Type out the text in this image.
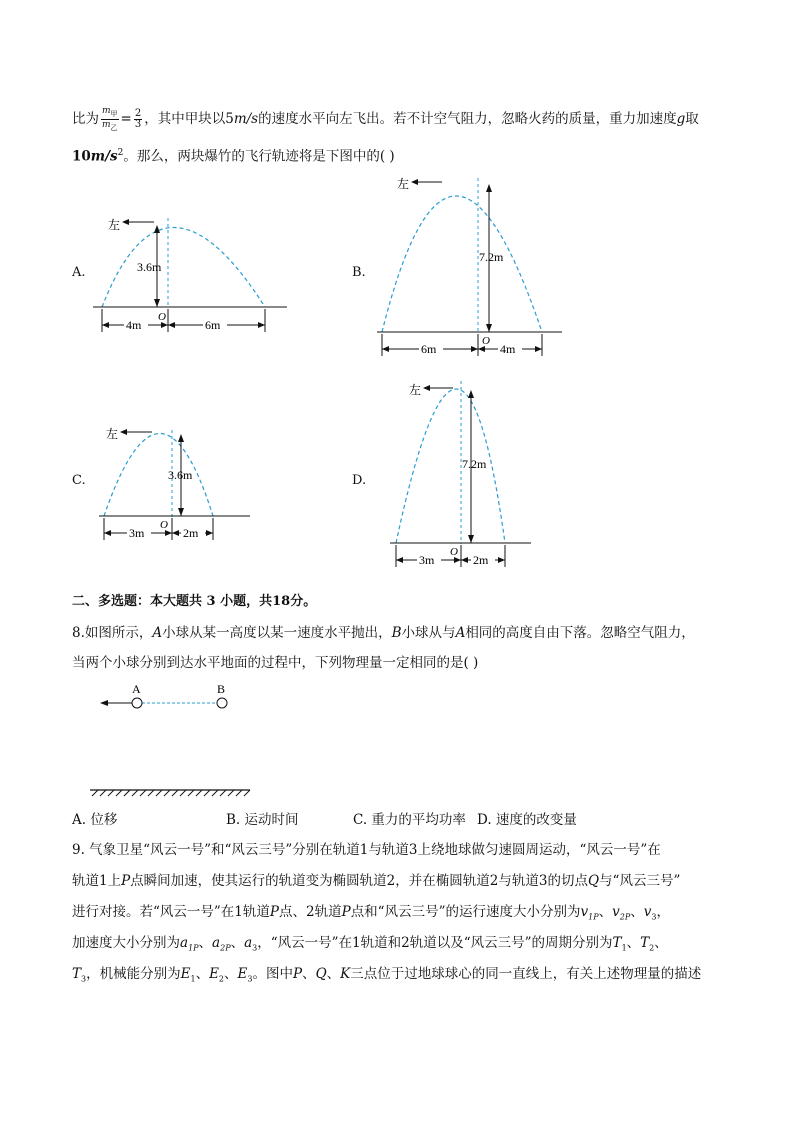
比为 $\frac{m_甲}{m_乙} = \frac{2}{3}$ ，其中甲块以5m/s的速度水平向左飞出。若不计空气阻力，忽略火药的质量，重力加速度g取
$10m/s^2$。那么，两块爆竹的飞行轨迹将是下图中的( )
A.
左
3.6m
O
4m	6m
B.
左
7.2m
O
6m	4m
C.
左
3.6m
O
3m	2m
D.
左
7.2m
O
3m	2m
二、多选题：本大题共 3 小题，共18分。
8.如图所示，A小球从某一高度以某一速度水平抛出，B小球从与A相同的高度自由下落。忽略空气阻力，
当两个小球分别到达水平地面的过程中，下列物理量一定相同的是( )
A	B
A. 位移	B. 运动时间	C. 重力的平均功率 D. 速度的改变量
9. 气象卫星“风云一号”和“风云三号”分别在轨道1与轨道3上绕地球做匀速圆周运动，“风云一号”在
轨道1上P点瞬间加速，使其运行的轨道变为椭圆轨道2，并在椭圆轨道2与轨道3的切点Q与“风云三号”
进行对接。若“风云一号”在1轨道P点、2轨道P点和“风云三号”的运行速度大小分别为$v_{1P}$、$v_{2P}$、$v_3$，
加速度大小分别为$a_{1P}$、$a_{2P}$、$a_3$，“风云一号”在1轨道和2轨道以及“风云三号”的周期分别为$T_1$、$T_2$、
$T_3$，机械能分别为$E_1$、$E_2$、$E_3$。图中P、Q、K三点位于过地球球心的同一直线上，有关上述物理量的描述
